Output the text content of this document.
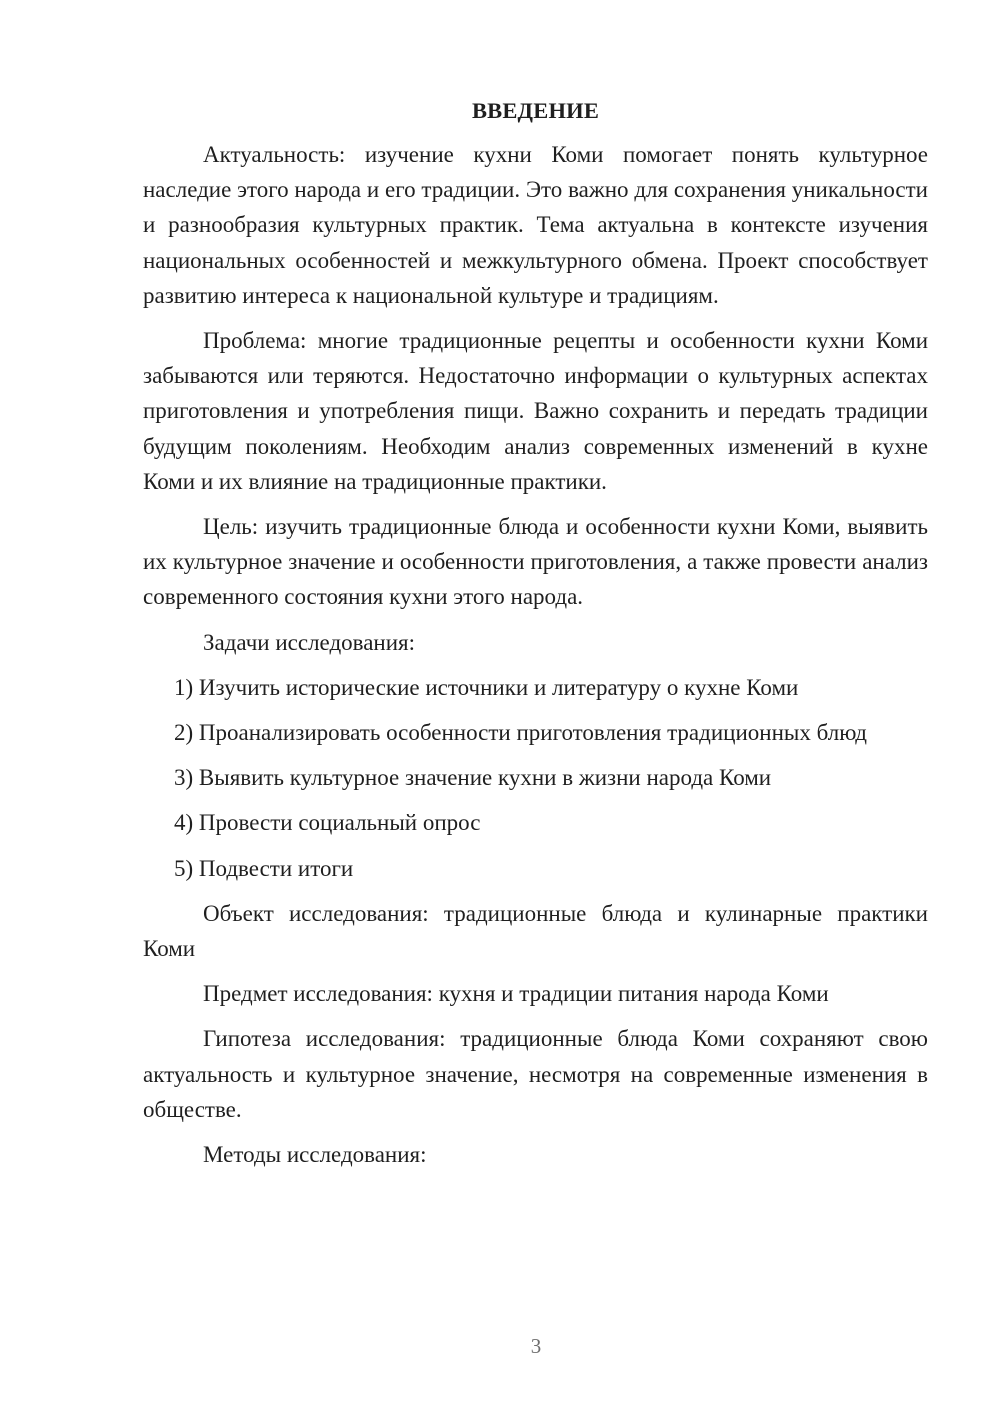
ВВЕДЕНИЕ
Актуальность: изучение кухни Коми помогает понять культурное наследие этого народа и его традиции. Это важно для сохранения уникальности и разнообразия культурных практик. Тема актуальна в контексте изучения национальных особенностей и межкультурного обмена. Проект способствует развитию интереса к национальной культуре и традициям.
Проблема: многие традиционные рецепты и особенности кухни Коми забываются или теряются. Недостаточно информации о культурных аспектах приготовления и употребления пищи. Важно сохранить и передать традиции будущим поколениям. Необходим анализ современных изменений в кухне Коми и их влияние на традиционные практики.
Цель: изучить традиционные блюда и особенности кухни Коми, выявить их культурное значение и особенности приготовления, а также провести анализ современного состояния кухни этого народа.
Задачи исследования:
1) Изучить исторические источники и литературу о кухне Коми
2) Проанализировать особенности приготовления традиционных блюд
3) Выявить культурное значение кухни в жизни народа Коми
4) Провести социальный опрос
5) Подвести итоги
Объект исследования: традиционные блюда и кулинарные практики Коми
Предмет исследования: кухня и традиции питания народа Коми
Гипотеза исследования: традиционные блюда Коми сохраняют свою актуальность и культурное значение, несмотря на современные изменения в обществе.
Методы исследования:
3
